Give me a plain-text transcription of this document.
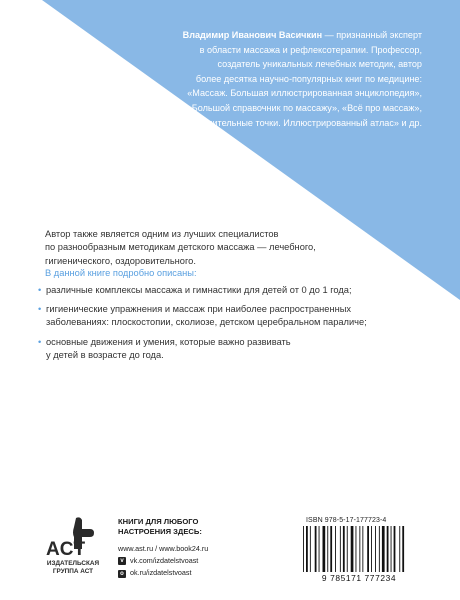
Владимир Иванович Васичкин — признанный эксперт
в области массажа и рефлексотерапии. Профессор,
создатель уникальных лечебных методик, автор
более десятка научно-популярных книг по медицине:
«Массаж. Большая иллюстрированная энциклопедия»,
«Большой справочник по массажу», «Всё про массаж»,
«Целительные точки. Иллюстрированный атлас» и др.
Автор также является одним из лучших специалистов
по разнообразным методикам детского массажа — лечебного,
гигиенического, оздоровительного.
В данной книге подробно описаны:
• различные комплексы массажа и гимнастики для детей от 0 до 1 года;
• гигиенические упражнения и массаж при наиболее распространенных
заболеваниях: плоскостопии, сколиозе, детском церебральном параличе;
• основные движения и умения, которые важно развивать
у детей в возрасте до года.
ACT
ИЗДАТЕЛЬСКАЯ
ГРУППА АСТ
КНИГИ ДЛЯ ЛЮБОГО
НАСТРОЕНИЯ ЗДЕСЬ:
www.ast.ru / www.book24.ru
v vk.com/izdatelstvoast
o ok.ru/izdatelstvoast
ISBN 978-5-17-177723-4
9 785171 777234
